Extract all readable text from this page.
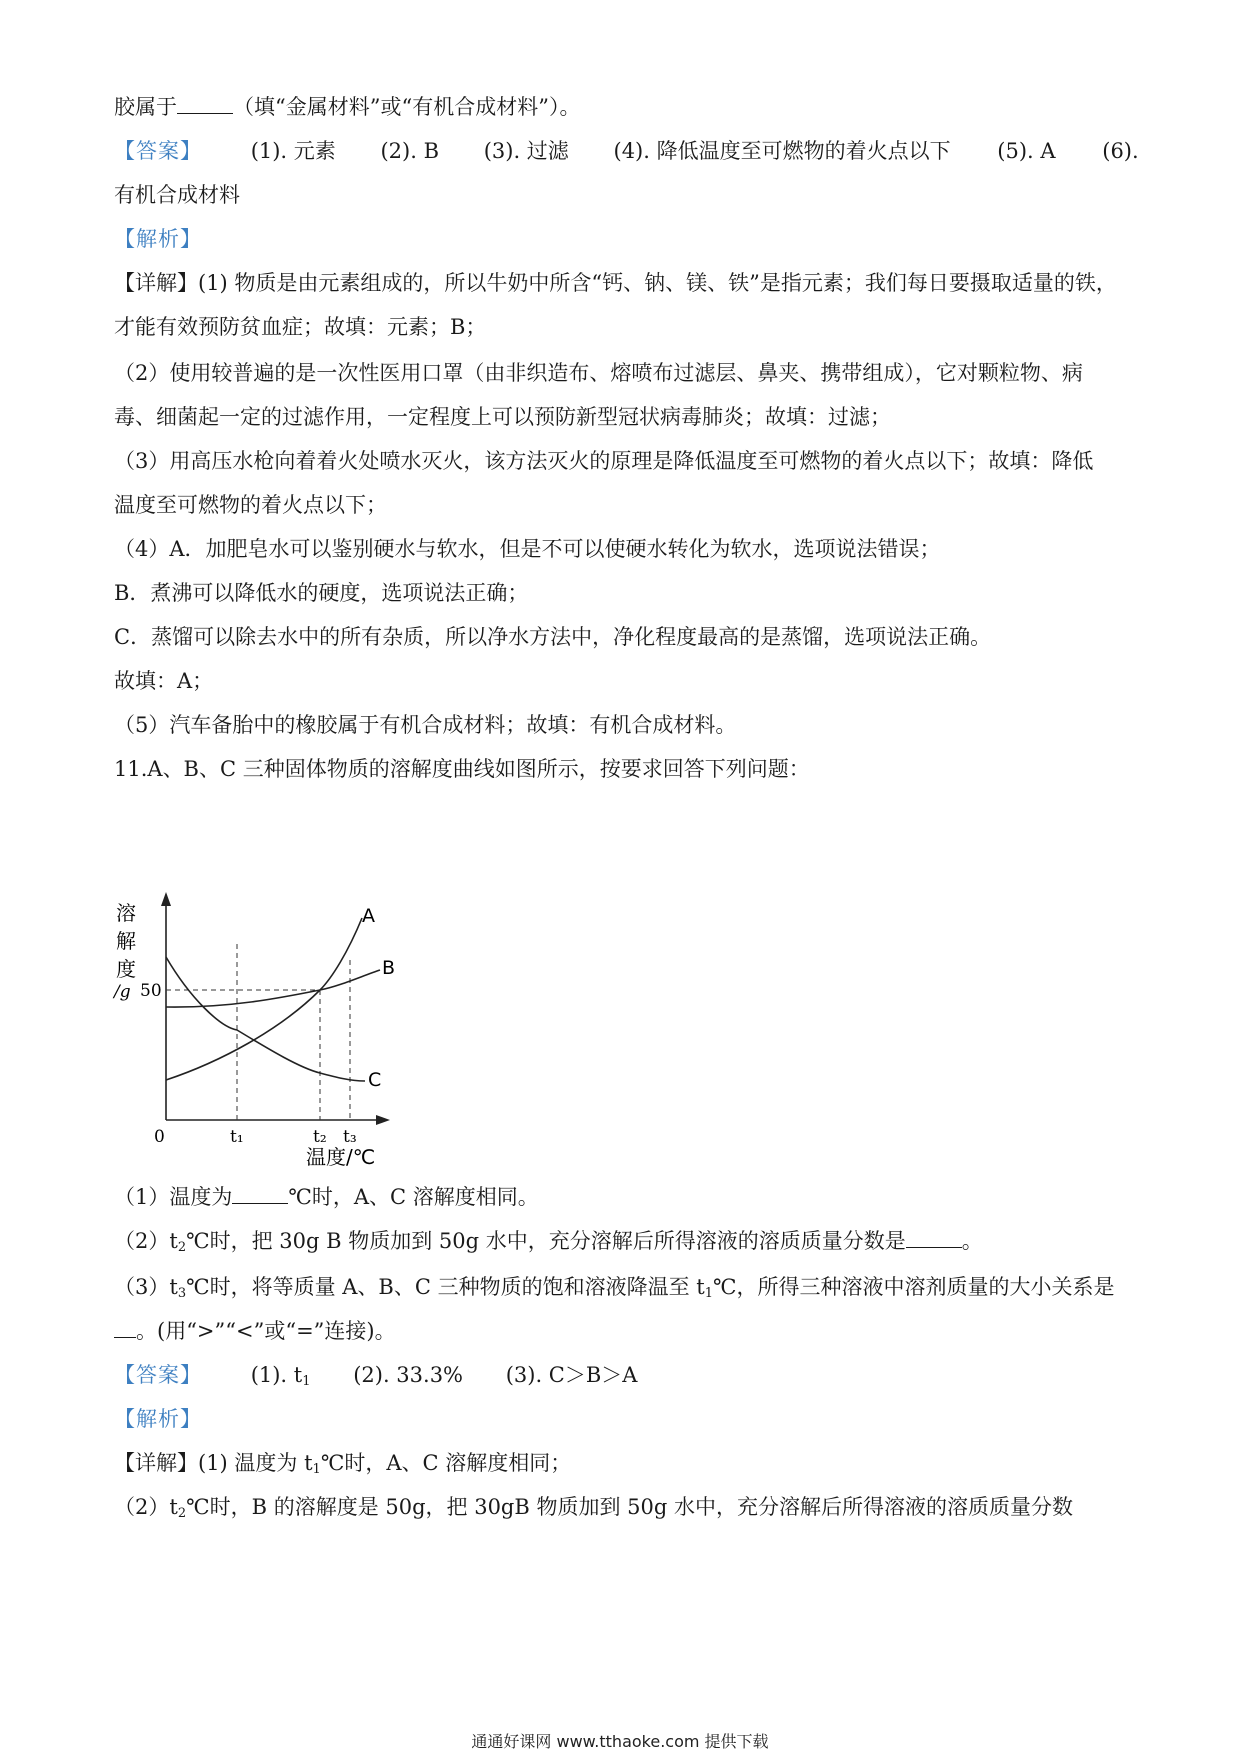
胶属于	（填“金属材料”或“有机合成材料”）。
【答案】 (1). 元素 (2). B (3). 过滤 (4). 降低温度至可燃物的着火点以下 (5). A (6).
有机合成材料
【解析】
【详解】(1) 物质是由元素组成的，所以牛奶中所含“钙、钠、镁、铁”是指元素；我们每日要摄取适量的铁，
才能有效预防贫血症；故填：元素；B；
（2）使用较普遍的是一次性医用口罩（由非织造布、熔喷布过滤层、鼻夹、携带组成），它对颗粒物、病
毒、细菌起一定的过滤作用，一定程度上可以预防新型冠状病毒肺炎；故填：过滤；
（3）用高压水枪向着着火处喷水灭火，该方法灭火的原理是降低温度至可燃物的着火点以下；故填：降低
温度至可燃物的着火点以下；
（4）A．加肥皂水可以鉴别硬水与软水，但是不可以使硬水转化为软水，选项说法错误；
B．煮沸可以降低水的硬度，选项说法正确；
C．蒸馏可以除去水中的所有杂质，所以净水方法中，净化程度最高的是蒸馏，选项说法正确。
故填：A；
（5）汽车备胎中的橡胶属于有机合成材料；故填：有机合成材料。
11.A、B、C 三种固体物质的溶解度曲线如图所示，按要求回答下列问题：
溶
解
度
/g 50
A
B
C
0	t₁	t₂ t₃
温度/℃
（1）温度为	℃时，A、C 溶解度相同。
$(2)t_2℃$时，把 30g B 物质加到 50g 水中，充分溶解后所得溶液的溶质质量分数是	。
$(3)t_3℃$时，将等质量 A、B、C 三种物质的饱和溶液降温至 $t_1℃$，所得三种溶液中溶剂质量的大小关系是
。(用“>”“<”或“=”连接)。
【答案】 (1). $t_1$ (2). 33.3% (3). C＞B＞A
【解析】
【详解】(1) 温度为 $t_1℃$时，A、C 溶解度相同；
$(2)t_2℃$时，B 的溶解度是 50g，把 30gB 物质加到 50g 水中，充分溶解后所得溶液的溶质质量分数
通通好课网 www.tthaoke.com 提供下载
